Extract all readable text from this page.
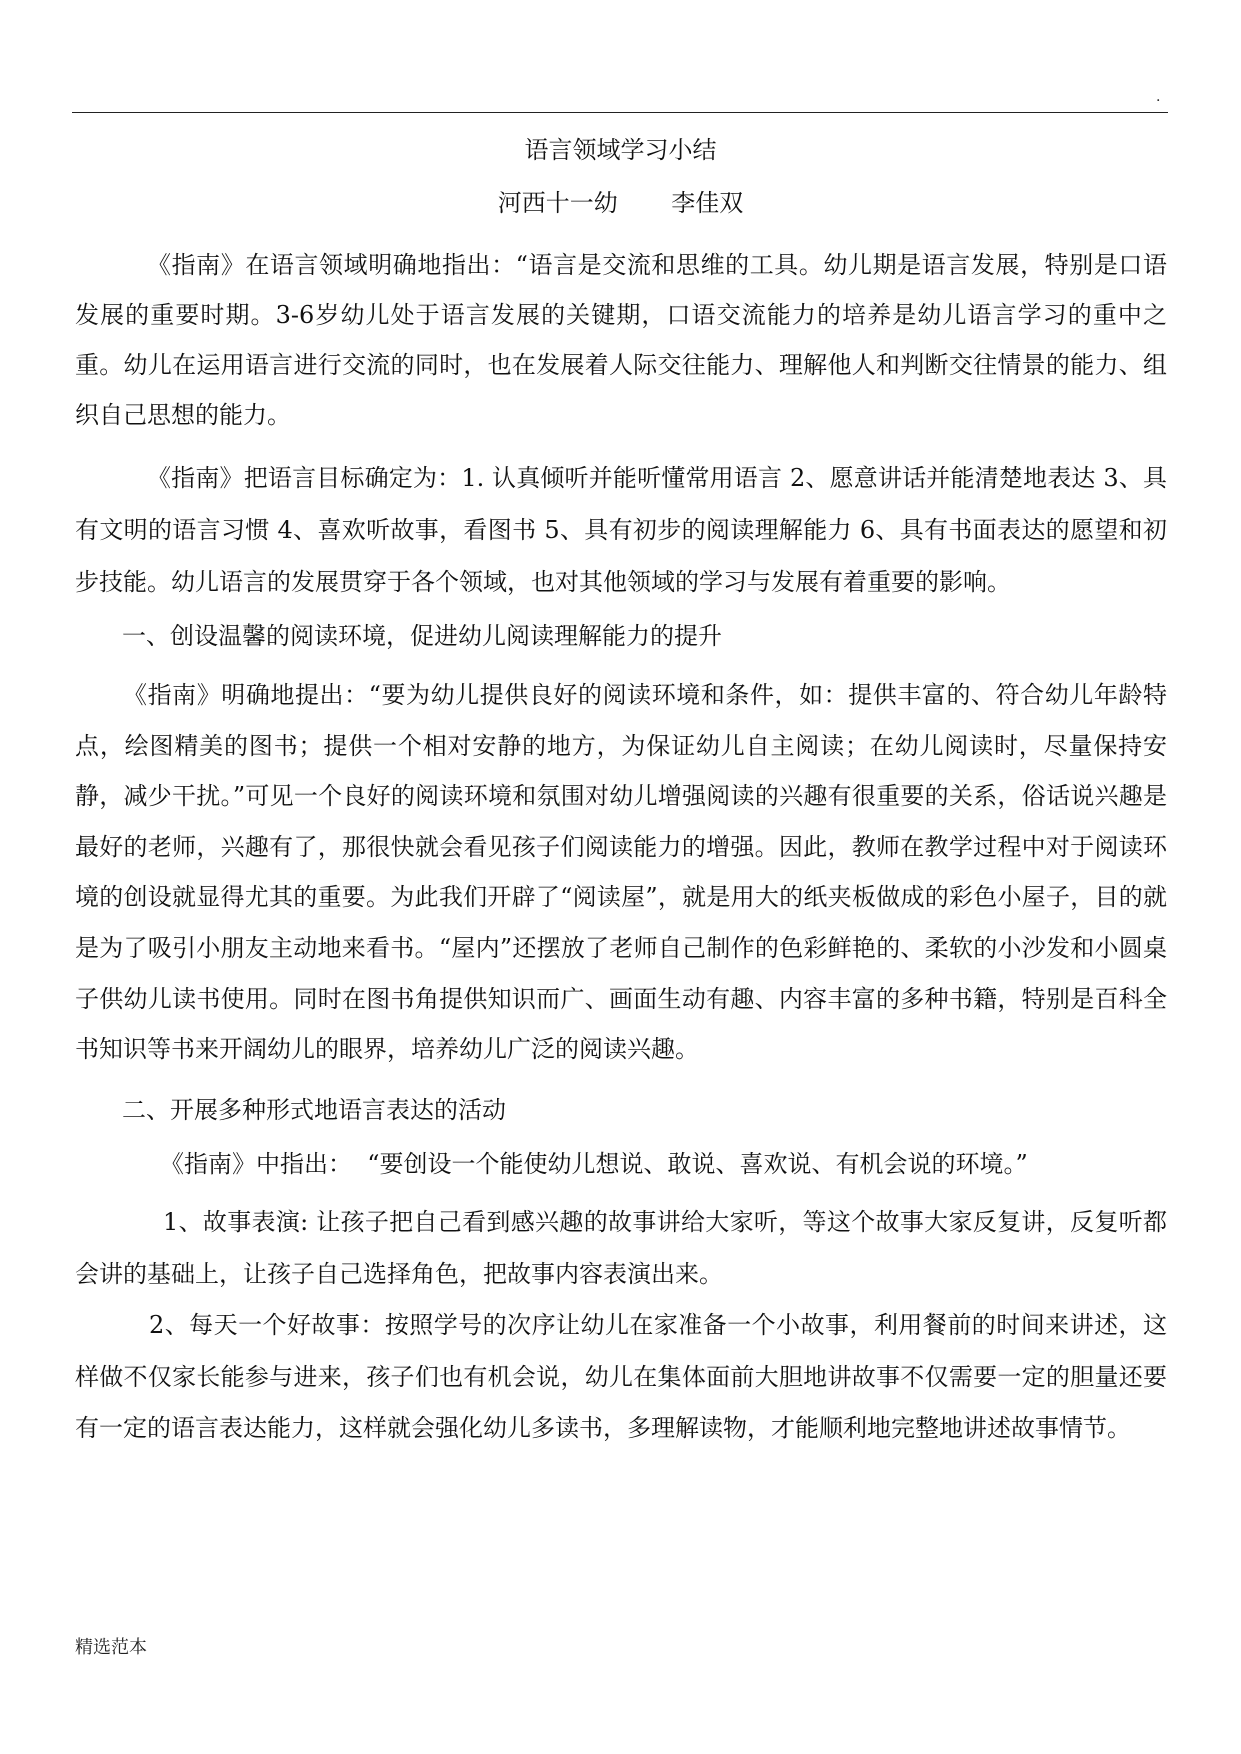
.
语言领域学习小结
河西十一幼       李佳双

《指南》在语言领域明确地指出：“语言是交流和思维的工具。幼儿期是语言发展，特别是口语发展的重要时期。3-6岁幼儿处于语言发展的关键期，口语交流能力的培养是幼儿语言学习的重中之重。幼儿在运用语言进行交流的同时，也在发展着人际交往能力、理解他人和判断交往情景的能力、组织自己思想的能力。

《指南》把语言目标确定为：1. 认真倾听并能听懂常用语言 2、愿意讲话并能清楚地表达 3、具有文明的语言习惯 4、喜欢听故事，看图书 5、具有初步的阅读理解能力 6、具有书面表达的愿望和初步技能。幼儿语言的发展贯穿于各个领域，也对其他领域的学习与发展有着重要的影响。

一、创设温馨的阅读环境，促进幼儿阅读理解能力的提升

《指南》明确地提出：“要为幼儿提供良好的阅读环境和条件，如：提供丰富的、符合幼儿年龄特点，绘图精美的图书；提供一个相对安静的地方，为保证幼儿自主阅读；在幼儿阅读时，尽量保持安静，减少干扰。”可见一个良好的阅读环境和氛围对幼儿增强阅读的兴趣有很重要的关系，俗话说兴趣是最好的老师，兴趣有了，那很快就会看见孩子们阅读能力的增强。因此，教师在教学过程中对于阅读环境的创设就显得尤其的重要。为此我们开辟了“阅读屋”，就是用大的纸夹板做成的彩色小屋子，目的就是为了吸引小朋友主动地来看书。“屋内”还摆放了老师自己制作的色彩鲜艳的、柔软的小沙发和小圆桌子供幼儿读书使用。同时在图书角提供知识而广、画面生动有趣、内容丰富的多种书籍，特别是百科全书知识等书来开阔幼儿的眼界，培养幼儿广泛的阅读兴趣。

二、开展多种形式地语言表达的活动

《指南》中指出：  “要创设一个能使幼儿想说、敢说、喜欢说、有机会说的环境。”

1、故事表演: 让孩子把自己看到感兴趣的故事讲给大家听，等这个故事大家反复讲，反复听都会讲的基础上，让孩子自己选择角色，把故事内容表演出来。

2、每天一个好故事：按照学号的次序让幼儿在家准备一个小故事，利用餐前的时间来讲述，这样做不仅家长能参与进来，孩子们也有机会说，幼儿在集体面前大胆地讲故事不仅需要一定的胆量还要有一定的语言表达能力，这样就会强化幼儿多读书，多理解读物，才能顺利地完整地讲述故事情节。

精选范本
